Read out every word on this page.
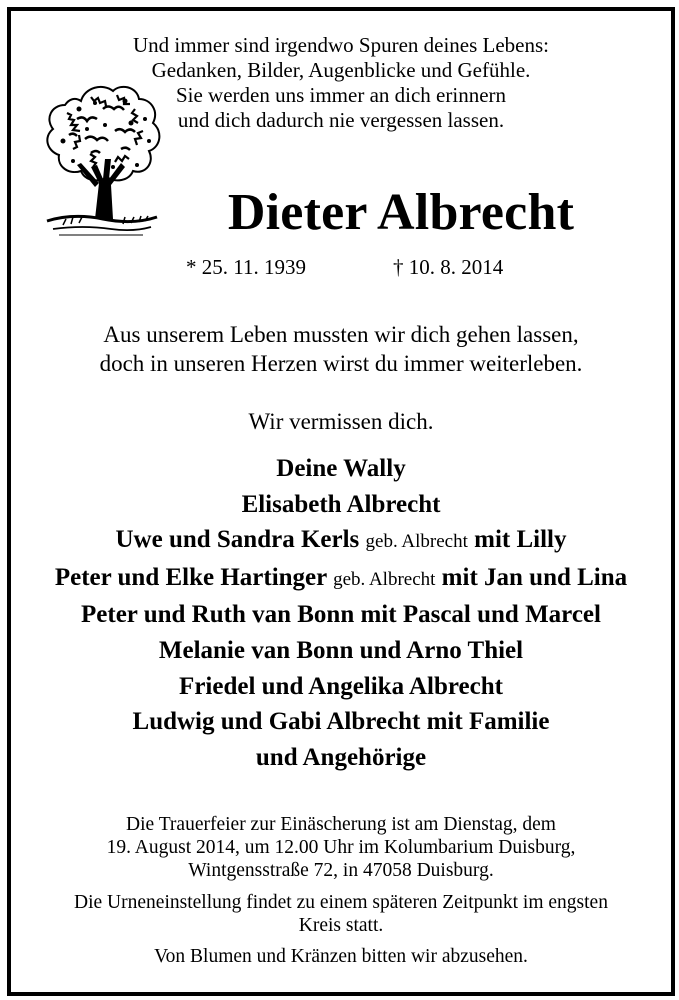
Und immer sind irgendwo Spuren deines Lebens:
Gedanken, Bilder, Augenblicke und Gefühle.
Sie werden uns immer an dich erinnern
und dich dadurch nie vergessen lassen.
Dieter Albrecht
* 25. 11. 1939	† 10. 8. 2014
Aus unserem Leben mussten wir dich gehen lassen,
doch in unseren Herzen wirst du immer weiterleben.
Wir vermissen dich.
Deine Wally
Elisabeth Albrecht
Uwe und Sandra Kerls geb. Albrecht mit Lilly
Peter und Elke Hartinger geb. Albrecht mit Jan und Lina
Peter und Ruth van Bonn mit Pascal und Marcel
Melanie van Bonn und Arno Thiel
Friedel und Angelika Albrecht
Ludwig und Gabi Albrecht mit Familie
und Angehörige
Die Trauerfeier zur Einäscherung ist am Dienstag, dem
19. August 2014, um 12.00 Uhr im Kolumbarium Duisburg,
Wintgensstraße 72, in 47058 Duisburg.
Die Urneneinstellung findet zu einem späteren Zeitpunkt im engsten
Kreis statt.
Von Blumen und Kränzen bitten wir abzusehen.
